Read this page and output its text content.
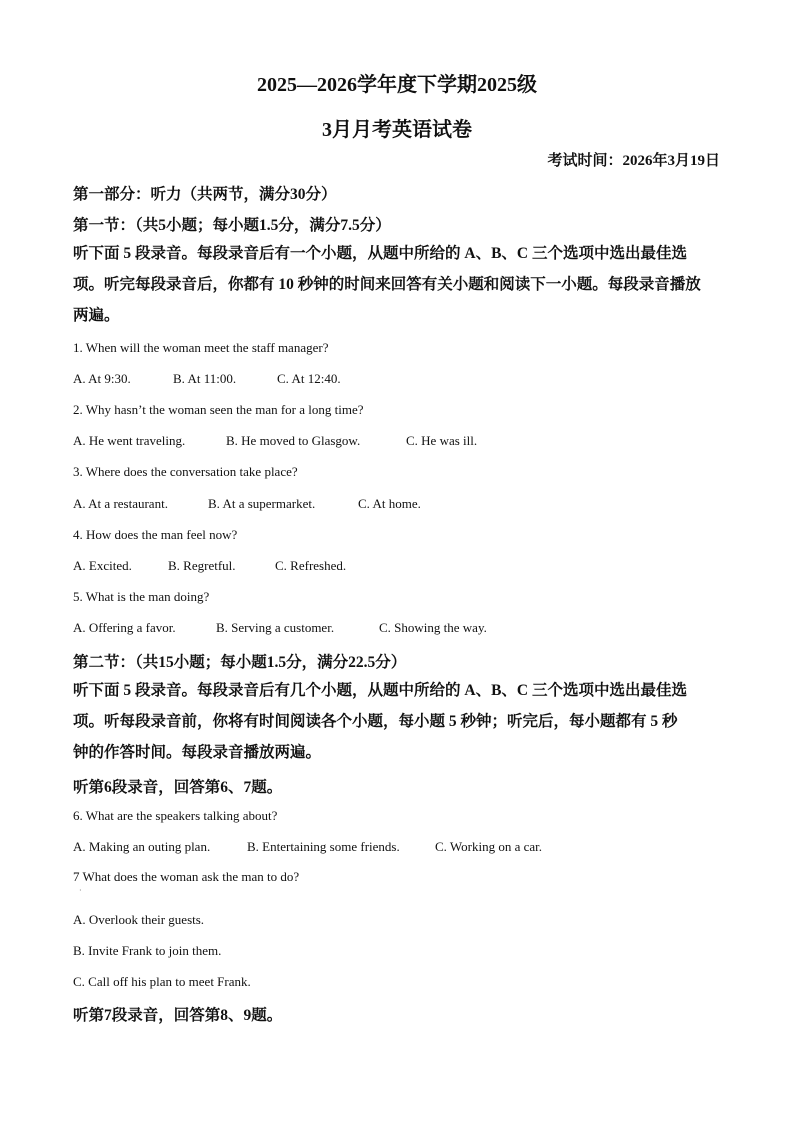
2025—2026学年度下学期2025级
3月月考英语试卷
考试时间：2026年3月19日
第一部分：听力（共两节，满分30分）
第一节：（共5小题；每小题1.5分，满分7.5分）
听下面 5 段录音。每段录音后有一个小题，从题中所给的 A、B、C 三个选项中选出最佳选
项。听完每段录音后，你都有 10 秒钟的时间来回答有关小题和阅读下一小题。每段录音播放
两遍。
1. When will the woman meet the staff manager?
A. At 9:30.	B. At 11:00.	C. At 12:40.
2. Why hasn’t the woman seen the man for a long time?
A. He went traveling.	B. He moved to Glasgow.	C. He was ill.
3. Where does the conversation take place?
A. At a restaurant.	B. At a supermarket.	C. At home.
4. How does the man feel now?
A. Excited.	B. Regretful.	C. Refreshed.
5. What is the man doing?
A. Offering a favor.	B. Serving a customer.	C. Showing the way.
第二节：（共15小题；每小题1.5分，满分22.5分）
听下面 5 段录音。每段录音后有几个小题，从题中所给的 A、B、C 三个选项中选出最佳选
项。听每段录音前，你将有时间阅读各个小题，每小题 5 秒钟；听完后，每小题都有 5 秒
钟的作答时间。每段录音播放两遍。
听第6段录音，回答第6、7题。
6. What are the speakers talking about?
A. Making an outing plan.	B. Entertaining some friends.	C. Working on a car.
7 What does the woman ask the man to do?
·
A. Overlook their guests.
B. Invite Frank to join them.
C. Call off his plan to meet Frank.
听第7段录音，回答第8、9题。
